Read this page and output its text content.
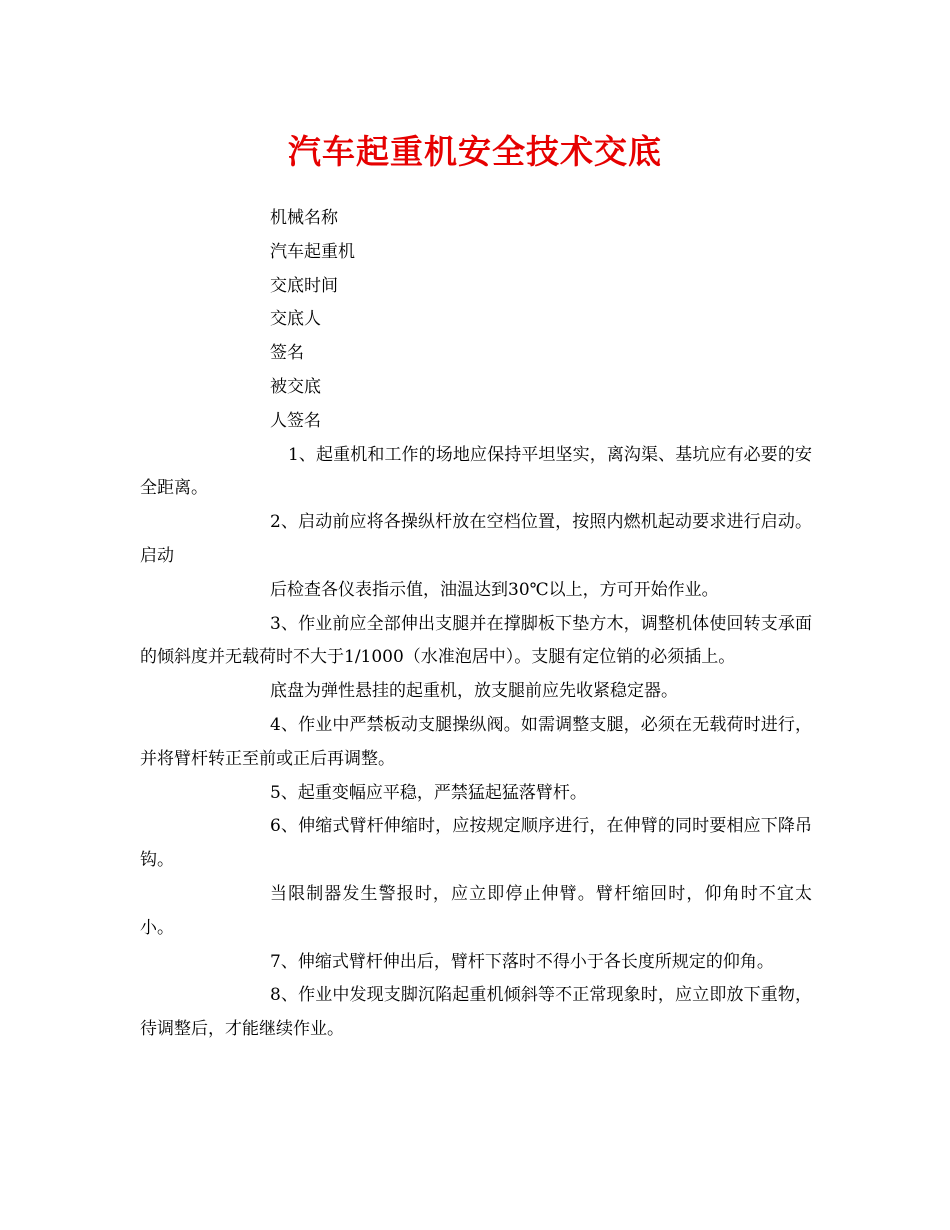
汽车起重机安全技术交底

机械名称

汽车起重机

交底时间

交底人

签名

被交底

人签名

1、起重机和工作的场地应保持平坦坚实，离沟渠、基坑应有必要的安全距离。

2、启动前应将各操纵杆放在空档位置，按照内燃机起动要求进行启动。启动

后检查各仪表指示值，油温达到30℃以上，方可开始作业。

3、作业前应全部伸出支腿并在撑脚板下垫方木，调整机体使回转支承面的倾斜度并无载荷时不大于1/1000（水准泡居中）。支腿有定位销的必须插上。

底盘为弹性悬挂的起重机，放支腿前应先收紧稳定器。

4、作业中严禁板动支腿操纵阀。如需调整支腿，必须在无载荷时进行，并将臂杆转正至前或正后再调整。

5、起重变幅应平稳，严禁猛起猛落臂杆。

6、伸缩式臂杆伸缩时，应按规定顺序进行，在伸臂的同时要相应下降吊钩。

当限制器发生警报时，应立即停止伸臂。臂杆缩回时，仰角时不宜太小。

7、伸缩式臂杆伸出后，臂杆下落时不得小于各长度所规定的仰角。

8、作业中发现支脚沉陷起重机倾斜等不正常现象时，应立即放下重物，待调整后，才能继续作业。
